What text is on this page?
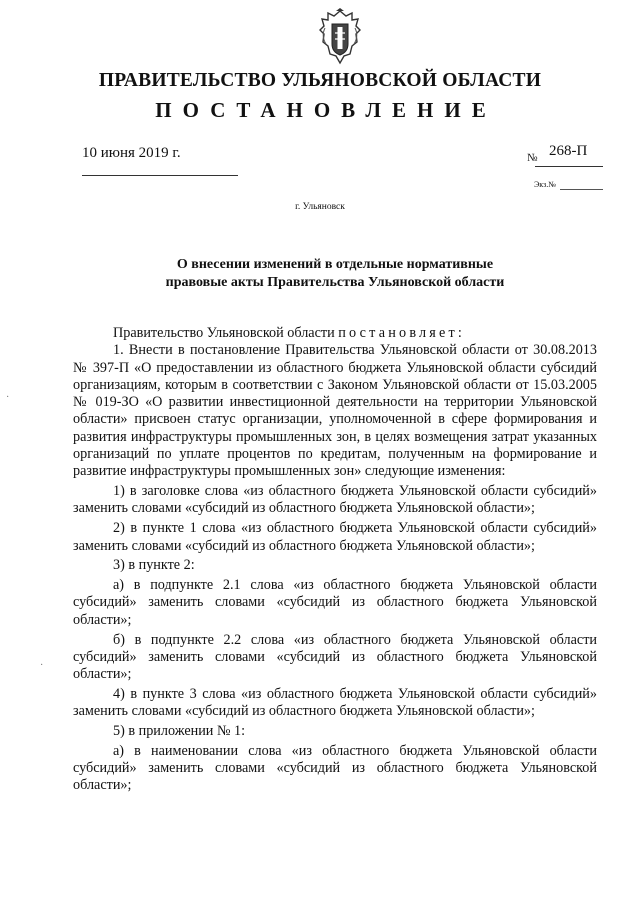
ПРАВИТЕЛЬСТВО УЛЬЯНОВСКОЙ ОБЛАСТИ
ПОСТАНОВЛЕНИЕ
10 июня 2019 г.	№ 268-П
Экз.№
г. Ульяновск
О внесении изменений в отдельные нормативные
правовые акты Правительства Ульяновской области

Правительство Ульяновской области постановляет:

1. Внести в постановление Правительства Ульяновской области от 30.08.2013 № 397-П «О предоставлении из областного бюджета Ульяновской области субсидий организациям, которым в соответствии с Законом Ульяновской области от 15.03.2005 № 019-ЗО «О развитии инвестиционной деятельности на территории Ульяновской области» присвоен статус организации, уполномоченной в сфере формирования и развития инфраструктуры промышленных зон, в целях возмещения затрат указанных организаций по уплате процентов по кредитам, полученным на формирование и развитие инфраструктуры промышленных зон» следующие изменения:

1) в заголовке слова «из областного бюджета Ульяновской области субсидий» заменить словами «субсидий из областного бюджета Ульяновской области»;

2) в пункте 1 слова «из областного бюджета Ульяновской области субсидий» заменить словами «субсидий из областного бюджета Ульяновской области»;

3) в пункте 2:

а) в подпункте 2.1 слова «из областного бюджета Ульяновской области субсидий» заменить словами «субсидий из областного бюджета Ульяновской области»;

б) в подпункте 2.2 слова «из областного бюджета Ульяновской области субсидий» заменить словами «субсидий из областного бюджета Ульяновской области»;

4) в пункте 3 слова «из областного бюджета Ульяновской области субсидий» заменить словами «субсидий из областного бюджета Ульяновской области»;

5) в приложении № 1:

а) в наименовании слова «из областного бюджета Ульяновской области субсидий» заменить словами «субсидий из областного бюджета Ульяновской области»;

·
·
